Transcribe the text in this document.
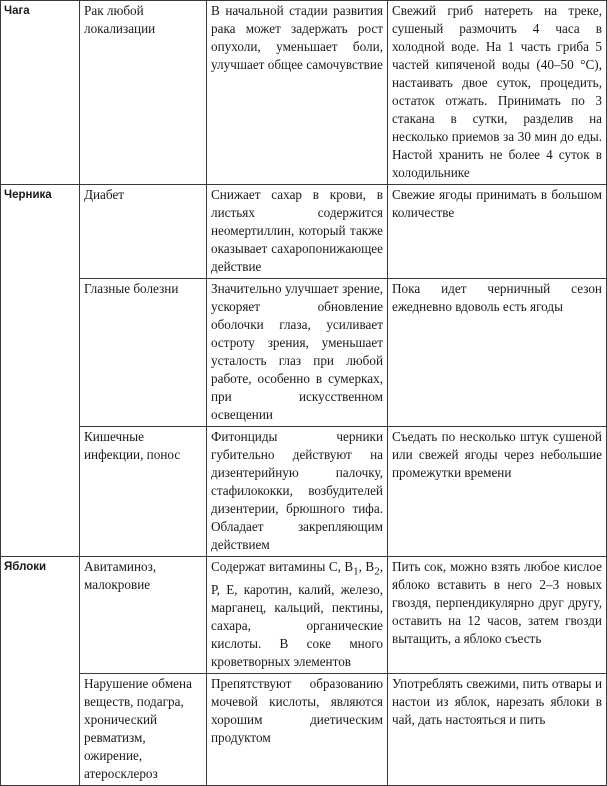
Чага	Рак любой локализации	В начальной стадии развития рака может задержать рост опухоли, уменьшает боли, улучшает общее самочувствие	Свежий гриб натереть на треке, сушеный размочить 4 часа в холодной воде. На 1 часть гриба 5 частей кипяченой воды (40–50 °С), настаивать двое суток, процедить, остаток отжать. Принимать по 3 стакана в сутки, разделив на несколько приемов за 30 мин до еды. Настой хранить не более 4 суток в холодильнике
Черника	Диабет	Снижает сахар в крови, в листьях содержится неомертиллин, который также оказывает сахаропонижающее действие	Свежие ягоды принимать в большом количестве
	Глазные болезни	Значительно улучшает зрение, ускоряет обновление оболочки глаза, усиливает остроту зрения, уменьшает усталость глаз при любой работе, особенно в сумерках, при искусственном освещении	Пока идет черничный сезон ежедневно вдоволь есть ягоды
	Кишечные инфекции, понос	Фитонциды черники губительно действуют на дизентерийную палочку, стафилококки, возбудителей дизентерии, брюшного тифа. Обладает закрепляющим действием	Съедать по несколько штук сушеной или свежей ягоды через небольшие промежутки времени
Яблоки	Авитаминоз, малокровие	Содержат витамины С, $В_1$, $В_2$, Р, Е, каротин, калий, железо, марганец, кальций, пектины, сахара, органические кислоты. В соке много кроветворных элементов	Пить сок, можно взять любое кислое яблоко вставить в него 2–3 новых гвоздя, перпендикулярно друг другу, оставить на 12 часов, затем гвозди вытащить, а яблоко съесть
	Нарушение обмена веществ, подагра, хронический ревматизм, ожирение, атеросклероз	Препятствуют образованию мочевой кислоты, являются хорошим диетическим продуктом	Употреблять свежими, пить отвары и настои из яблок, нарезать яблоки в чай, дать настояться и пить
